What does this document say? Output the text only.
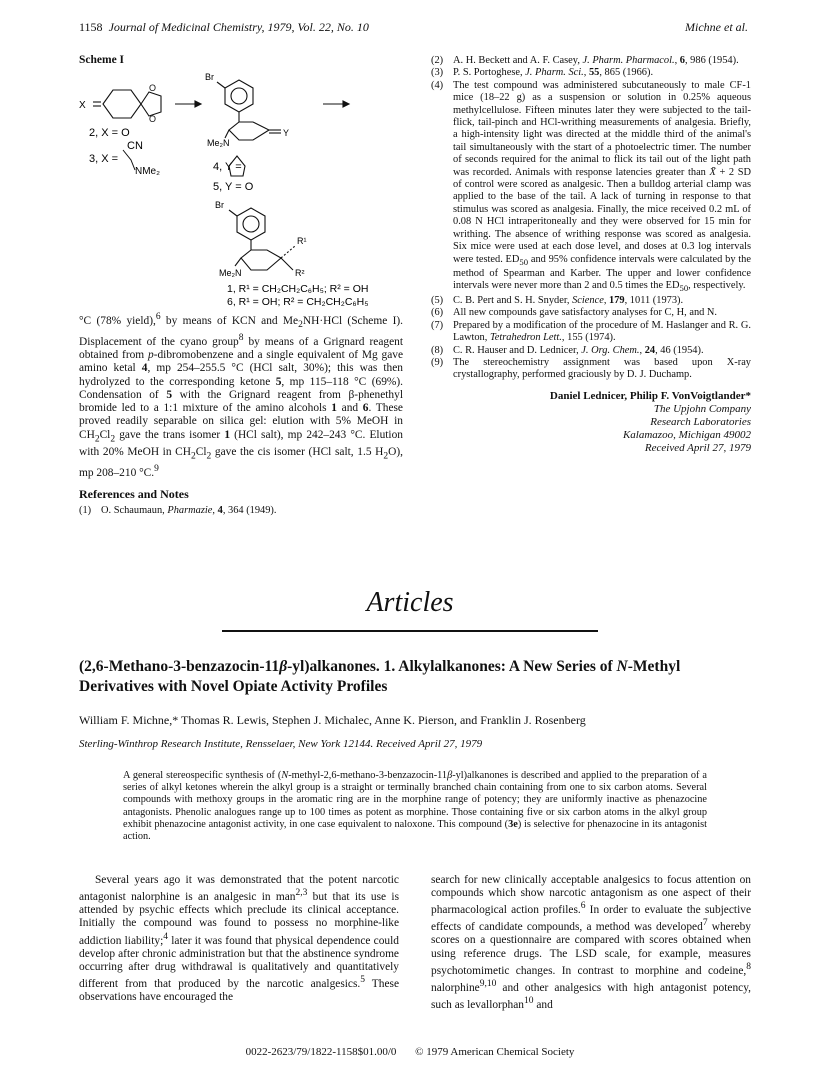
1158 Journal of Medicinal Chemistry, 1979, Vol. 22, No. 10	Michne et al.
Scheme I
O
O
X
Br
Y
Me₂N
2, X = O
CN
3, X =
NMe₂	4, Y =
5, Y = O
Br
R¹
R²
Me₂N
1, R¹ = CH₂CH₂C₆H₅; R² = OH
6, R¹ = OH; R² = CH₂CH₂C₆H₅

°C (78% yield),$^6$ by means of KCN and $Me_2NH\cdot HCl$ (Scheme I). Displacement of the cyano group$^8$ by means of a Grignard reagent obtained from p-dibromobenzene and a single equivalent of Mg gave amino ketal 4, mp 254–255.5 °C (HCl salt, 30%); this was then hydrolyzed to the corresponding ketone 5, mp 115–118 °C (69%). Condensation of 5 with the Grignard reagent from β-phenethyl bromide led to a 1:1 mixture of the amino alcohols 1 and 6. These proved readily separable on silica gel: elution with 5% MeOH in $CH_2Cl_2$ gave the trans isomer 1 (HCl salt), mp 242–243 °C. Elution with 20% MeOH in $CH_2Cl_2$ gave the cis isomer (HCl salt, 1.5 $H_2O$), mp 208–210 °C.$^9$

References and Notes
(1) O. Schaumaun, Pharmazie, 4, 364 (1949).
(2) A. H. Beckett and A. F. Casey, J. Pharm. Pharmacol., 6, 986 (1954).
(3) P. S. Portoghese, J. Pharm. Sci., 55, 865 (1966).
(4) The test compound was administered subcutaneously to male CF-1 mice (18–22 g) as a suspension or solution in 0.25% aqueous methylcellulose. Fifteen minutes later they were subjected to the tail-flick, tail-pinch and HCl-writhing measurements of analgesia. Briefly, a high-intensity light was directed at the middle third of the animal's tail simultaneously with the start of a photoelectric timer. The number of seconds required for the animal to flick its tail out of the light path was recorded. Animals with response latencies greater than X̄ + 2 SD of control were scored as analgesic. Then a bulldog arterial clamp was applied to the base of the tail. A lack of turning in response to that stimulus was scored as analgesia. Finally, the mice received 0.2 mL of 0.08 N HCl intraperitoneally and they were observed for 15 min for writhing. The absence of writhing response was scored as analgesia. Six mice were used at each dose level, and doses at 0.3 log intervals were tested. $ED_{50}$ and 95% confidence intervals were calculated by the method of Spearman and Karber. The upper and lower confidence intervals were never more than 2 and 0.5 times the $ED_{50}$, respectively.
(5) C. B. Pert and S. H. Snyder, Science, 179, 1011 (1973).
(6) All new compounds gave satisfactory analyses for C, H, and N.
(7) Prepared by a modification of the procedure of M. Haslanger and R. G. Lawton, Tetrahedron Lett., 155 (1974).
(8) C. R. Hauser and D. Lednicer, J. Org. Chem., 24, 46 (1954).
(9) The stereochemistry assignment was based upon X-ray crystallography, performed graciously by D. J. Duchamp.
Daniel Lednicer, Philip F. VonVoigtlander*
The Upjohn Company
Research Laboratories
Kalamazoo, Michigan 49002
Received April 27, 1979
Articles
(2,6-Methano-3-benzazocin-11β-yl)alkanones. 1. Alkylalkanones: A New Series of N-Methyl Derivatives with Novel Opiate Activity Profiles
William F. Michne,* Thomas R. Lewis, Stephen J. Michalec, Anne K. Pierson, and Franklin J. Rosenberg
Sterling-Winthrop Research Institute, Rensselaer, New York 12144. Received April 27, 1979
A general stereospecific synthesis of (N-methyl-2,6-methano-3-benzazocin-11β-yl)alkanones is described and applied to the preparation of a series of alkyl ketones wherein the alkyl group is a straight or terminally branched chain containing from one to six carbon atoms. Several compounds with methoxy groups in the aromatic ring are in the morphine range of potency; they are uniformly inactive as phenazocine antagonists. Phenolic analogues range up to 100 times as potent as morphine. Those containing five or six carbon atoms in the alkyl group exhibit phenazocine antagonist activity, in one case equivalent to naloxone. This compound (3e) is selective for phenazocine in its antagonist action.
Several years ago it was demonstrated that the potent narcotic antagonist nalorphine is an analgesic in man$^{2,3}$ but that its use is attended by psychic effects which preclude its clinical acceptance. Initially the compound was found to possess no morphine-like addiction liability;$^4$ later it was found that physical dependence could develop after chronic administration but that the abstinence syndrome occurring after drug withdrawal is qualitatively and quantitatively different from that produced by the narcotic analgesics.$^5$ These observations have encouraged the
search for new clinically acceptable analgesics to focus attention on compounds which show narcotic antagonism as one aspect of their pharmacological action profiles.$^6$ In order to evaluate the subjective effects of candidate compounds, a method was developed$^7$ whereby scores on a questionnaire are compared with scores obtained when using reference drugs. The LSD scale, for example, measures psychotomimetic changes. In contrast to morphine and codeine,$^8$ nalorphine$^{9,10}$ and other analgesics with high antagonist potency, such as levallorphan$^{10}$ and
0022-2623/79/1822-1158$01.00/0 © 1979 American Chemical Society
